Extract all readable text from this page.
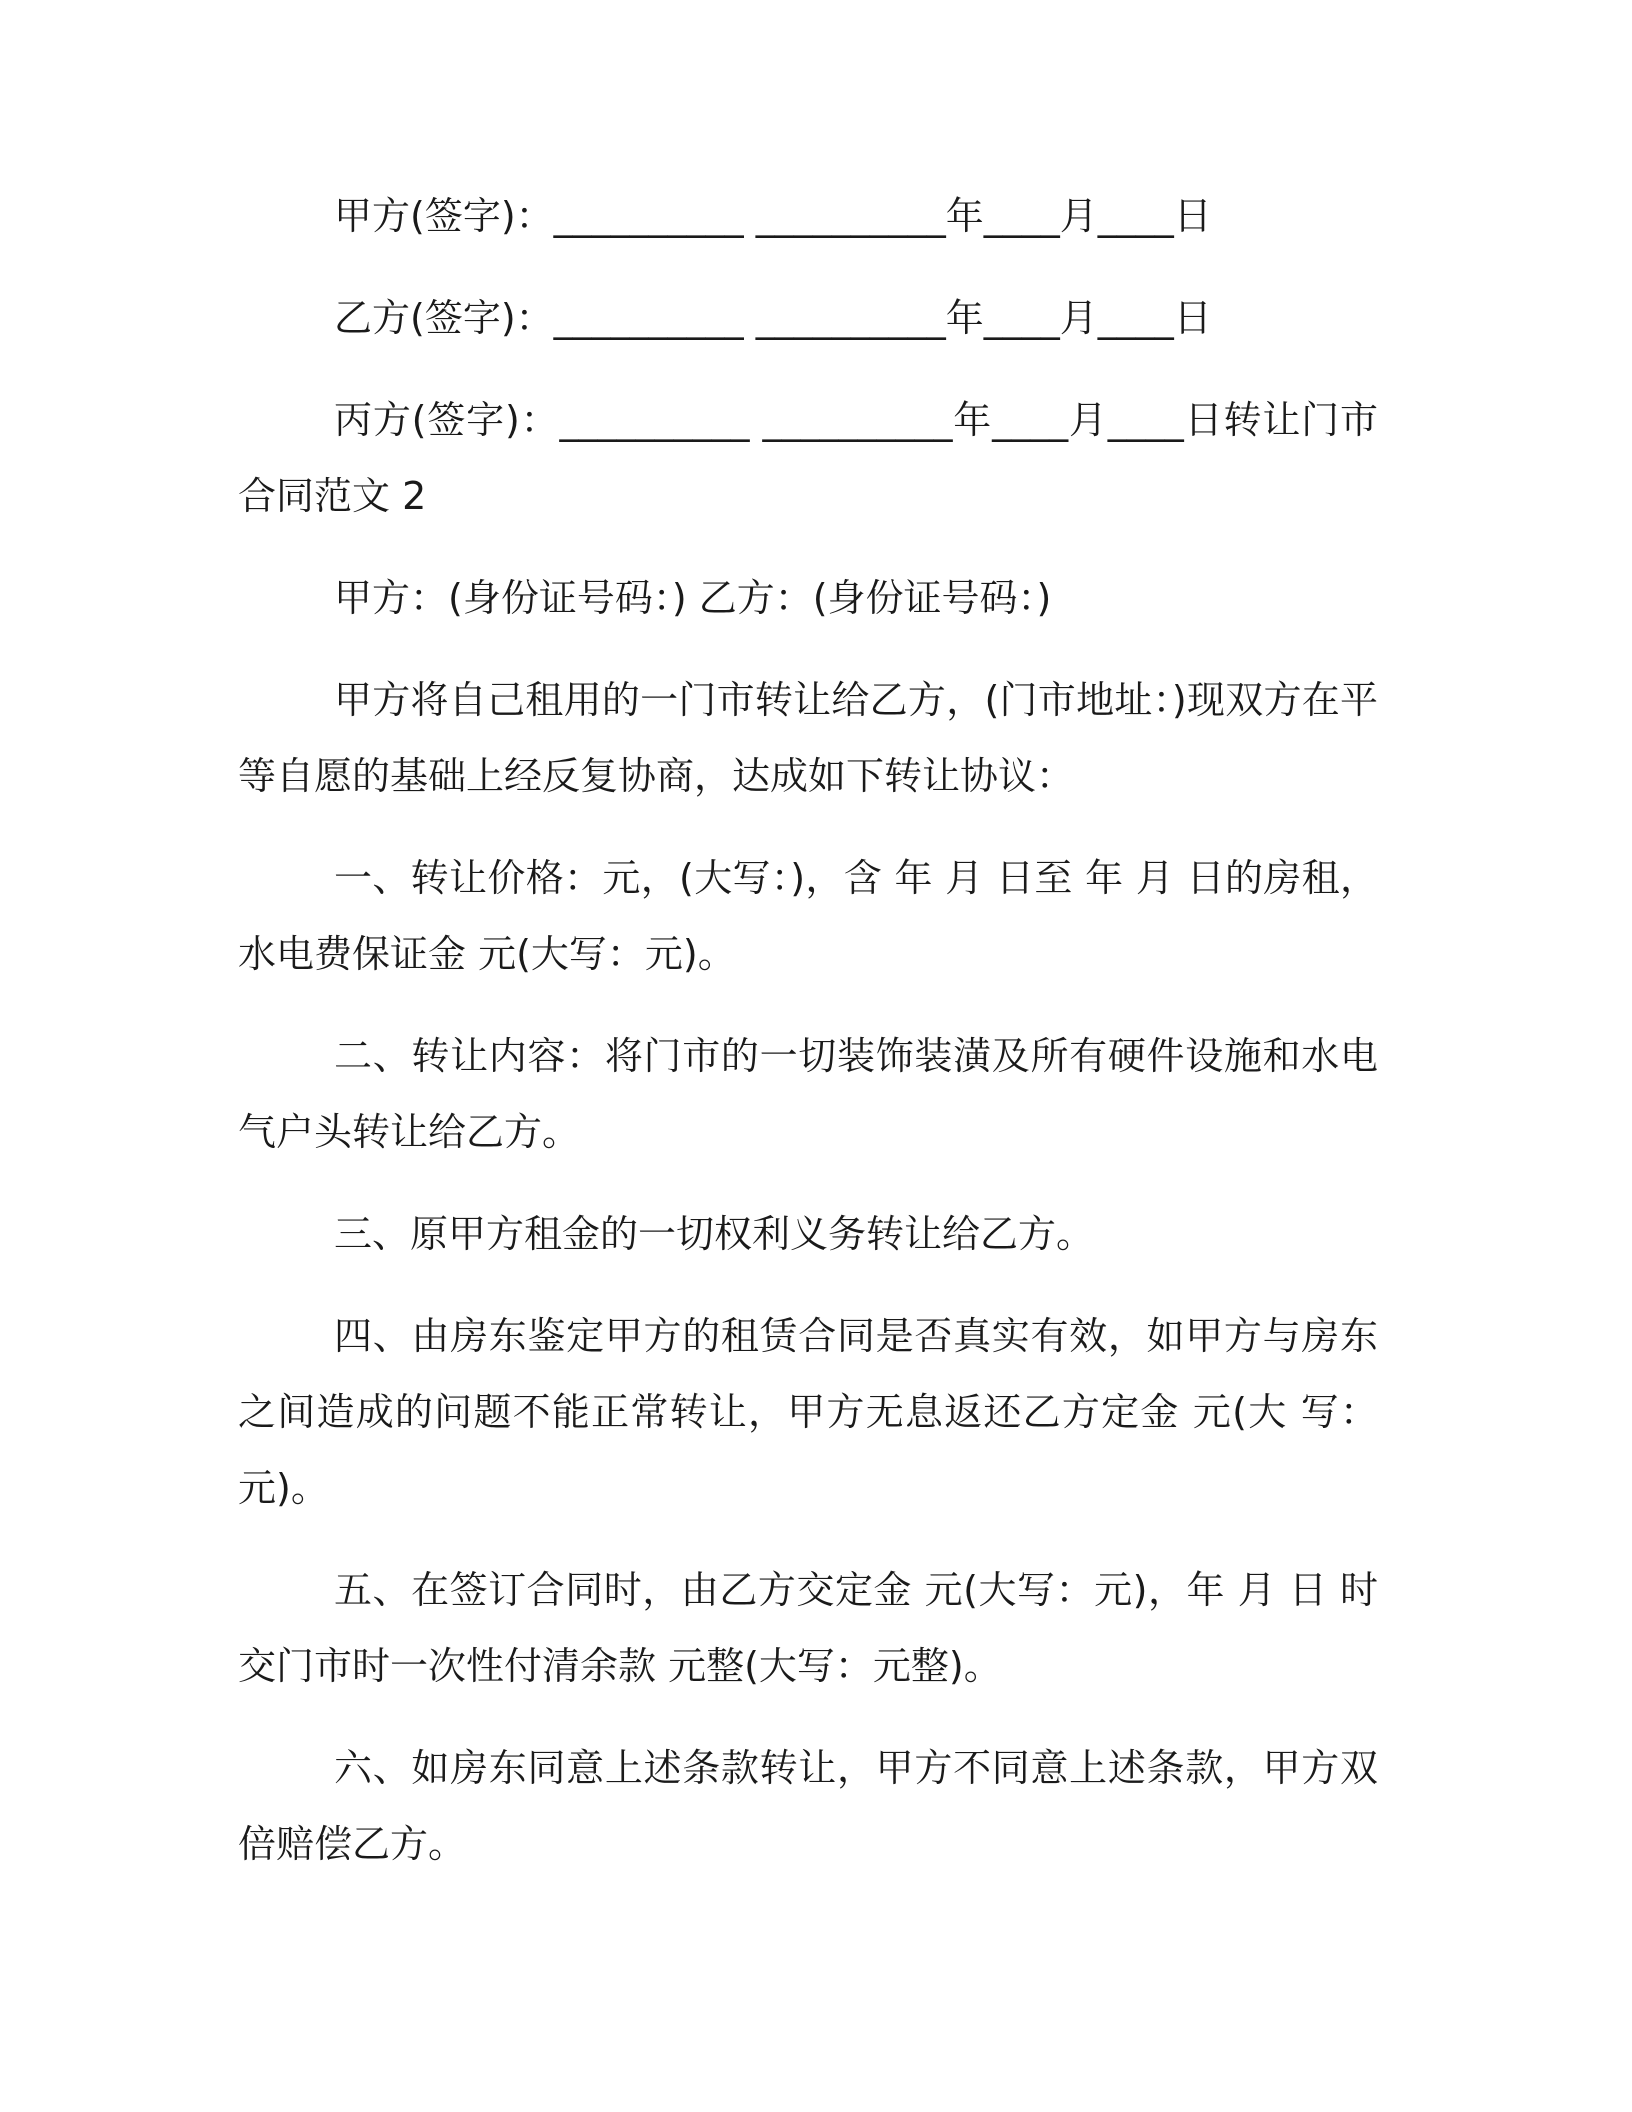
甲方(签字)：__________ __________年____月____日

乙方(签字)：__________ __________年____月____日

丙方(签字)：__________ __________年____月____日转让门市合同范文 2

甲方：(身份证号码：) 乙方：(身份证号码：)

甲方将自己租用的一门市转让给乙方，(门市地址：)现双方在平等自愿的基础上经反复协商，达成如下转让协议：

一、转让价格：元，(大写：)，含 年 月 日至 年 月 日的房租，水电费保证金 元(大写：元)。

二、转让内容：将门市的一切装饰装潢及所有硬件设施和水电气户头转让给乙方。

三、原甲方租金的一切权利义务转让给乙方。

四、由房东鉴定甲方的租赁合同是否真实有效，如甲方与房东之间造成的问题不能正常转让，甲方无息返还乙方定金 元(大 写：元)。

五、在签订合同时，由乙方交定金 元(大写：元)，年 月 日 时交门市时一次性付清余款 元整(大写：元整)。

六、如房东同意上述条款转让，甲方不同意上述条款，甲方双倍赔偿乙方。
